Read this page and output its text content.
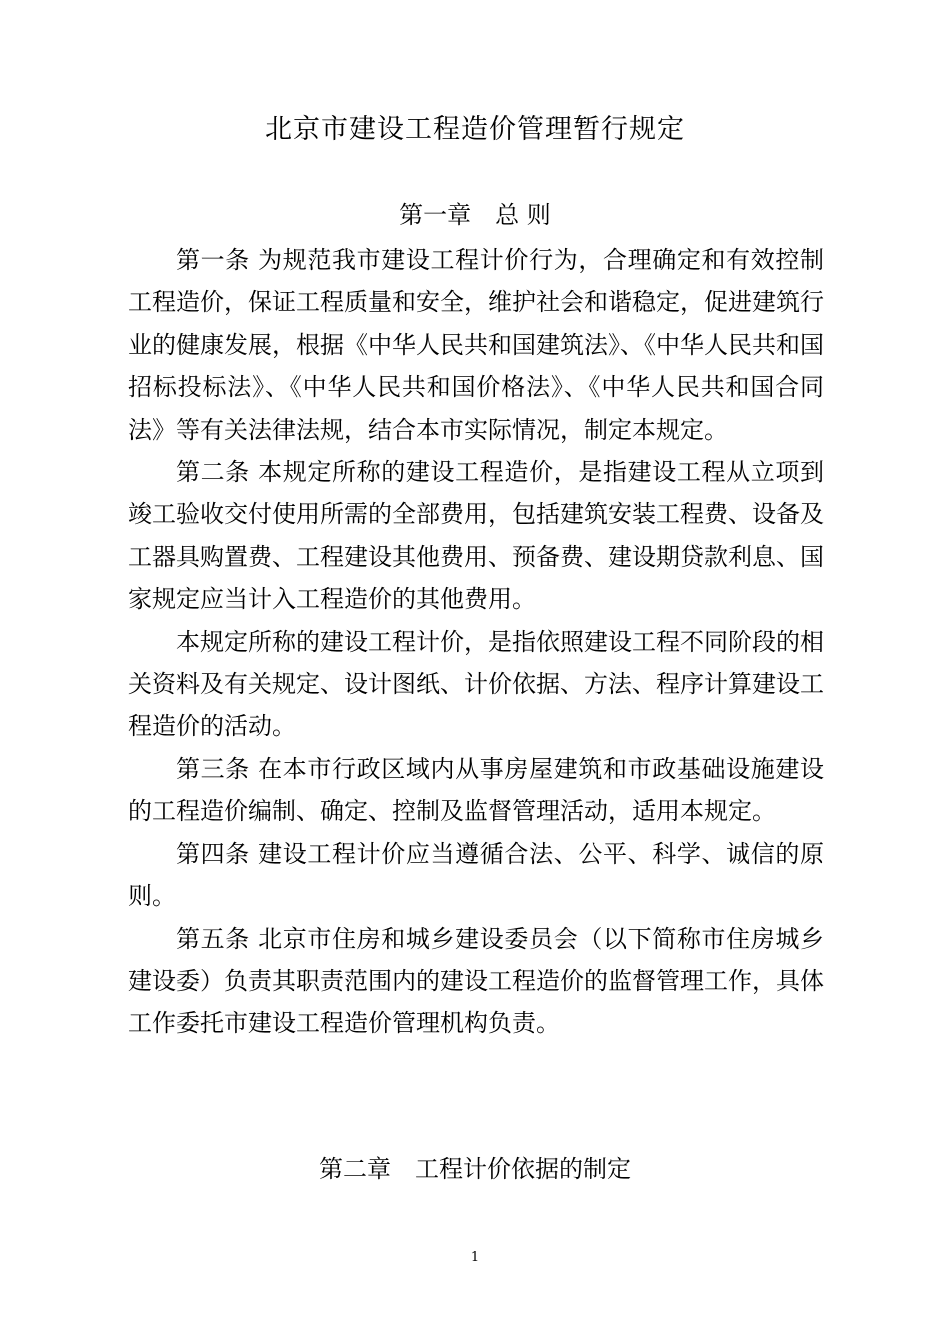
北京市建设工程造价管理暂行规定
第一章　总 则

第一条 为规范我市建设工程计价行为，合理确定和有效控制工程造价，保证工程质量和安全，维护社会和谐稳定，促进建筑行业的健康发展，根据《中华人民共和国建筑法》、《中华人民共和国招标投标法》、《中华人民共和国价格法》、《中华人民共和国合同法》等有关法律法规，结合本市实际情况，制定本规定。

第二条 本规定所称的建设工程造价，是指建设工程从立项到竣工验收交付使用所需的全部费用，包括建筑安装工程费、设备及工器具购置费、工程建设其他费用、预备费、建设期贷款利息、国家规定应当计入工程造价的其他费用。

本规定所称的建设工程计价，是指依照建设工程不同阶段的相关资料及有关规定、设计图纸、计价依据、方法、程序计算建设工程造价的活动。

第三条 在本市行政区域内从事房屋建筑和市政基础设施建设的工程造价编制、确定、控制及监督管理活动，适用本规定。

第四条 建设工程计价应当遵循合法、公平、科学、诚信的原则。

第五条 北京市住房和城乡建设委员会（以下简称市住房城乡建设委）负责其职责范围内的建设工程造价的监督管理工作，具体工作委托市建设工程造价管理机构负责。

第二章　工程计价依据的制定
1
